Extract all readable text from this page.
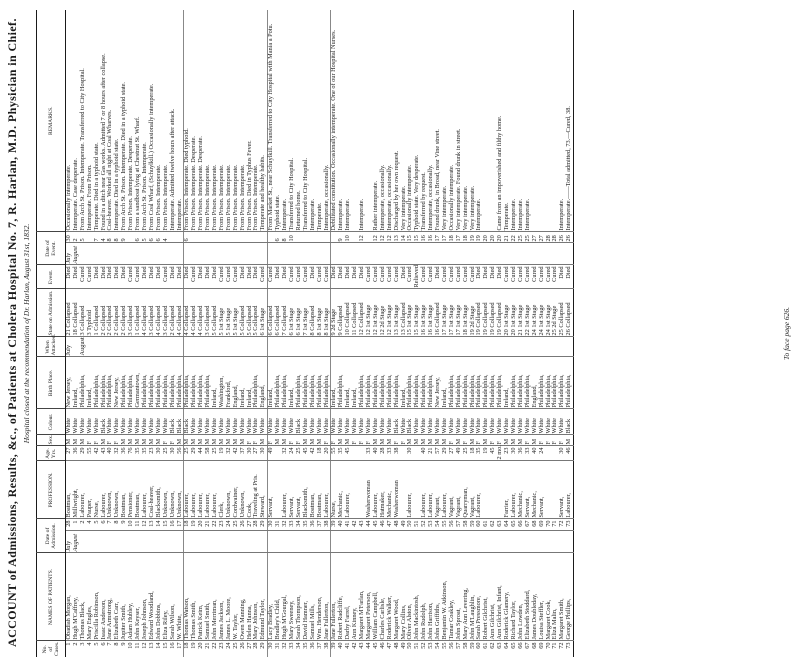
ACCOUNT of Admissions, Results, &c., of Patients at Cholera Hospital No. 7, R. Harlan, M.D. Physician in Chief. Hospital closed at the recommendation of Dr. Harlan, August 31st, 1832.
No. of Cases.	NAMES OF PATIENTS.	Date of Admission.		PROFESSION.	Age. Yrs.	Sex.	Colour.	Birth Place.	When Attacked.	State on Admission.	Event.	Date of Event.		REMARKS.
1	Obadiah Morgan,	July	28	Boatman,	27	M	White	New Jersey,	July	21 Collapsed	Died	July	30	Occasionally intemperate.
2	Hugh M'Caffrey,	August	1	Millwright,	36	M	White	Ireland,		18 Collapsed	Died	August	2	Intemperate. Case desperate.
3	Thomas Black,		2	Labourer,	29	M	White	Philadelphia,	August	3 Collapsed	Cured		5	From Arch St. Prison. Intemperate. Transferred to City Hospital.
4	Mary Engles,		4	Pauper,	55	F	White	Ireland,		3 Typhoid	Cured			Intemperate. From Prison.
5	Priscilla Robinson,		5	Nurse,	42	F	White	Philadelphia,		1 Collapsed	Died		7	Temperate. Died in a typhoid state.
6	Isaac Anderson,		6	Labourer,	43	M	Black	Philadelphia,		2 Collapsed	Died		4	Found in a ditch near Gas works. Admitted 7 or 8 hours after collapse.
7	Jane Armstrong,		7	Unknown,	40	F	White	Philadelphia,		2 Collapsed	Died		8	Coal-heaver. Worked all night at Coal Wharves.
8	Elizabeth Carr,		8	Unknown,	32	F	White	New Jersey,		2 Collapsed	Died		8	Intemperate. Died in a typhoid state.
9	Jupiter Smith,		9	Boatman,	36	M	White	Philadelphia,		2 Collapsed	Died		9	From Arch St. Prison. Intemperate. Died in a typhoid state.
10	Adam Hubley,		10	Pensioner,	76	M	White	Philadelphia,		3 Collapsed	Cured			From Prison. Intemperate. Desperate.
11	John Keyser,		11	Boatman,	35	M	White	Germantown,		1 Collapsed	Cured		6	From a sandboat lying at Chestnut St. Wharf.
12	Joseph Johnson,		12	Labourer,	35	M	White	Philadelphia,		4 Collapsed	Died		5	From Arch St. Prison. Intemperate.
13	Edward Woodland,		13	Coal-heaver,	23	M	White	Philadelphia,		3 Collapsed	Died		6	From Coal Wharf, (Schuylkill.) Occasionally intemperate.
14	John Dobbins,		14	Blacksmith,	30	M	White	Philadelphia,		4 Collapsed	Died		6	From Prison. Intemperate.
15	Eliza Riley,		15	Unknown,	25	F	White	Philadelphia,		3 Collapsed	Cured		4	From Prison. Intemperate.
16	Sarah Wilson,		16	Unknown,	30	F	Black	Philadelphia,		2 Collapsed	Died			Intemperate. Admitted twelve hours after attack.
17	W. White,		17	Unknown,	56	M	Black	Philadelphia,		4 Collapsed	Died			Intemperate.
18	Thomas Watson,		18	Labourer,	25	M	Black	Philadelphia,		4 Collapsed	Died		6	From Prison. Intemperate. Died typhoid.
19	Thomas Smith,		19	Labourer,	29	M	White	Philadelphia,		4 Collapsed	Cured			From Prison. Intemperate. Desperate.
20	Patrick Keim,		20	Labourer,	44	M	White	Philadelphia,		4 Collapsed	Died			From Prison. Intemperate. Desperate.
21	Samuel Smith,		21	Labourer,	58	M	White	Philadelphia,		3 Collapsed	Died			From Prison. Intemperate.
22	John Merriman,		22	Labourer,	25	M	White	Ireland,		5 Collapsed	Died			From Prison. Intemperate.
23	James Jackson,		23	Clerk,	19	M	White	Washington,		5 1st Stage	Cured			From Prison. Intemperate.
24	James L. Moore,		24	Unknown,	32	M	White	Frankford,		5 1st Stage	Cured			From Prison. Intemperate.
25	W. Taylor,		25	Cordwainer,	42	M	White	England,		5 1st Stage	Cured			From Prison. Intemperate.
26	Owen Manning,		26	Unknown,	37	M	White	Ireland,		5 Collapsed	Died			From Prison. Intemperate.
27	Helen Hanna,		27	Cook,	30	F	White	Ireland,		5 Collapsed	Died			From Prison. Died in Typhus Fever.
28	Mary Johnson,		28	Traveling at Pris.	27	F	White	Philadelphia,		5 Collapsed	Died			From Prison. Intemperate.
29	Edmund Taylor,		29	Steward,	30	M	White	England,		6 1st Stage	Cured			Temperate and healthy habits.
30	Lucy Bradley,		30	Servant,	49	F	White	Ireland,		6 Collapsed	Cured			From Market St., near Schuylkill. Transferred to City Hospital with Mania a Potu.
31	Bradley's Child,		31			M	White	Philadelphia,		6 Collapsed	Died		6	Typhoid state.
32	Hugh M'Gourgal,		32	Labourer,	32	M	White	Philadelphia,		7 Collapsed	Died		8	Intemperate.
33	Mary Sweeney,		33	Servant,	24	F	White	Ireland,		6 1st Stage	Cured		10	Transferred to City Hospital.
34	Sarah Thompson,		34	Servant,	25	F	Black	Philadelphia,		6 1st Stage	Cured			Returned home.
35	David Hamner,		35	Blacksmith,	45	M	White	Philadelphia,		7 1st Stage	Cured			Transferred to City Hospital.
36	Samuel Mills,		36	Boatman,	42	M	White	Philadelphia,		8 Collapsed	Died			Intemperate.
37	Wm. Henderson,		37	Boatman,	18	M	White	Philadelphia,		8 1st Stage	Cured			Temperate.
38	Jane Fullerton,		38	Labourer,	20	F	White	Philadelphia,		8 1st Stage	Cured			Intemperate, occasionally.
39	Jane Fullerton,		39	Nurse,	55	F	White	Ireland,		9 2d Stage	Died			Debilitated constitution. Occasionally intemperate. One of our Hospital Nurses.
40	Robert Radcliffe,		40	Mechanic,	35	M	White	Philadelphia,		9 Collapsed	Died		9	Intemperate.
41	Darby Farrel,		41	Labourer,	45	M	White	Ireland,		10 Collapsed	Died		10	Intemperate.
42	Ann Kinney,		42			F	White	Ireland,		11 Collapsed	Died			
43	Margaret M'Farlan,		43			F	White	Philadelphia,		12 Collapsed	Died		12	Intemperate.
44	Margaret Peterson,		44	Washerwoman	33	F	White	Philadelphia,		12 1st Stage	Cured			
45	William Campbell,		45	Labourer,	40	M	White	Philadelphia,		12 1st Stage	Cured		12	Rather intemperate.
46	Charles Carlisle,		46	Hatmaker,	28	M	White	Philadelphia,		12 2d Stage	Cured		12	Intemperate, occasionally.
47	Roderick Walker,		47	Mechanic,	33	M	White	Philadelphia,		12 1st Stage	Cured		12	Intemperate, occasionally.
48	Margaret Wood,		48	Washerwoman	38	F	Black	Philadelphia,		13 1st Stage	Cured		13	Discharged by her own request.
49	Mary Collins,		49			F	White	Ireland,		13 Collapsed	Died		14	Very intemperate.
50	Oliver Alston,		50	Labourer,	30	M	Black	Philadelphia,		15 1st Stage	Cured		15	Occasionally intemperate.
51	John Mackintosh,		51			M	White	Philadelphia,		15 1st Stage	Relieved		15	Typhoid state. Very desperate.
52	John Rudolph,		52	Labourer,	40	M	White	Philadelphia,		16 1st Stage	Cured		16	Transferred by request.
53	John Harrison,		53	Labourer,	21	M	White	Philadelphia,		16 1st Stage	Cured		16	Intemperate, occasionally.
54	John Griffiths,		54	Vagrant,	57	M	White	New Jersey,		16 Collapsed	Died		17	Found drunk, in Broad, near Vine street.
55	Benjamin W. Atkinson,		55	Labourer,	29	M	White	Ireland,		17 1st Stage	Cured		17	Very intemperate.
56	Tamar Coakley,		56	Vagrant,	27	F	White	Philadelphia,		17 1st Stage	Cured		18	Occasionally intemperate.
57	John Sproat,		57	Vagrant,	49	M	White	Philadelphia,		17 1st Stage	Cured		17	Very intemperate. Found drunk in street.
58	Mary Ann Levering,		58	Quarryman,	25	F	White	Philadelphia,		18 1st Stage	Cured		18	Very intemperate.
59	John M'Laughlin,		59	Vagrant,	18	M	White	Philadelphia,		19 2d Stage	Cured		19	Very intemperate.
60	Sarah Pressmore,		60	Labourer,	35	F	White	Philadelphia,		19 Collapsed	Died		19	Intemperate.
61	Robert Gilchrist,		61		19	M	White	Philadelphia,		19 Collapsed	Died		20	
62	Ann Gilchrist,		62		45	F	White	Philadelphia,		19 Collapsed	Died		20	
63	Ann Gilchrist, Infant,		63		2 mo.	F	White	Philadelphia,		19 Collapsed	Died		20	Came from an impoverished and filthy home.
64	Roderick Glamery,		64	Farrier,	23	M	White	Ireland,		20 1st Stage	Cured		21	Temperate.
65	Richard Taylor,		65	Labourer,	30	M	White	Philadelphia,		20 1st Stage	Cured		22	Intemperate.
66	John Lowden,		66	Mechanic,	36	M	White	Philadelphia,		21 1st Stage	Cured		25	Intemperate.
67	Elizabeth Stoddard,		67	Servant,	33	F	White	Philadelphia,		22 1st Stage	Cured		25	Intemperate.
68	James Doubleday,		68	Mechanic,	40	M	White	England,		24 1st Stage	Cured		27	
69	Louisa Steffler,		69	Servant,	24	F	White	Philadelphia,		24 1st Stage	Cured		27	
70	Margaret Cook,		70			F	White	Philadelphia,		24 1st Stage	Cured		28	
71	Eliza Malin,		71			F	White	Philadelphia,		25 2d Stage	Cured		28	
72	Margaret Smith,		72	Servant,	30	F	White	Philadelphia,		25 Collapsed	Died		26	Intemperate.
73	George Phillips,		73	Labourer,	46	M	Black	Philadelphia,		26 Collapsed	Died		26	Intemperate.——Total admitted, 73.—Cured, 38.
To face page 626.
